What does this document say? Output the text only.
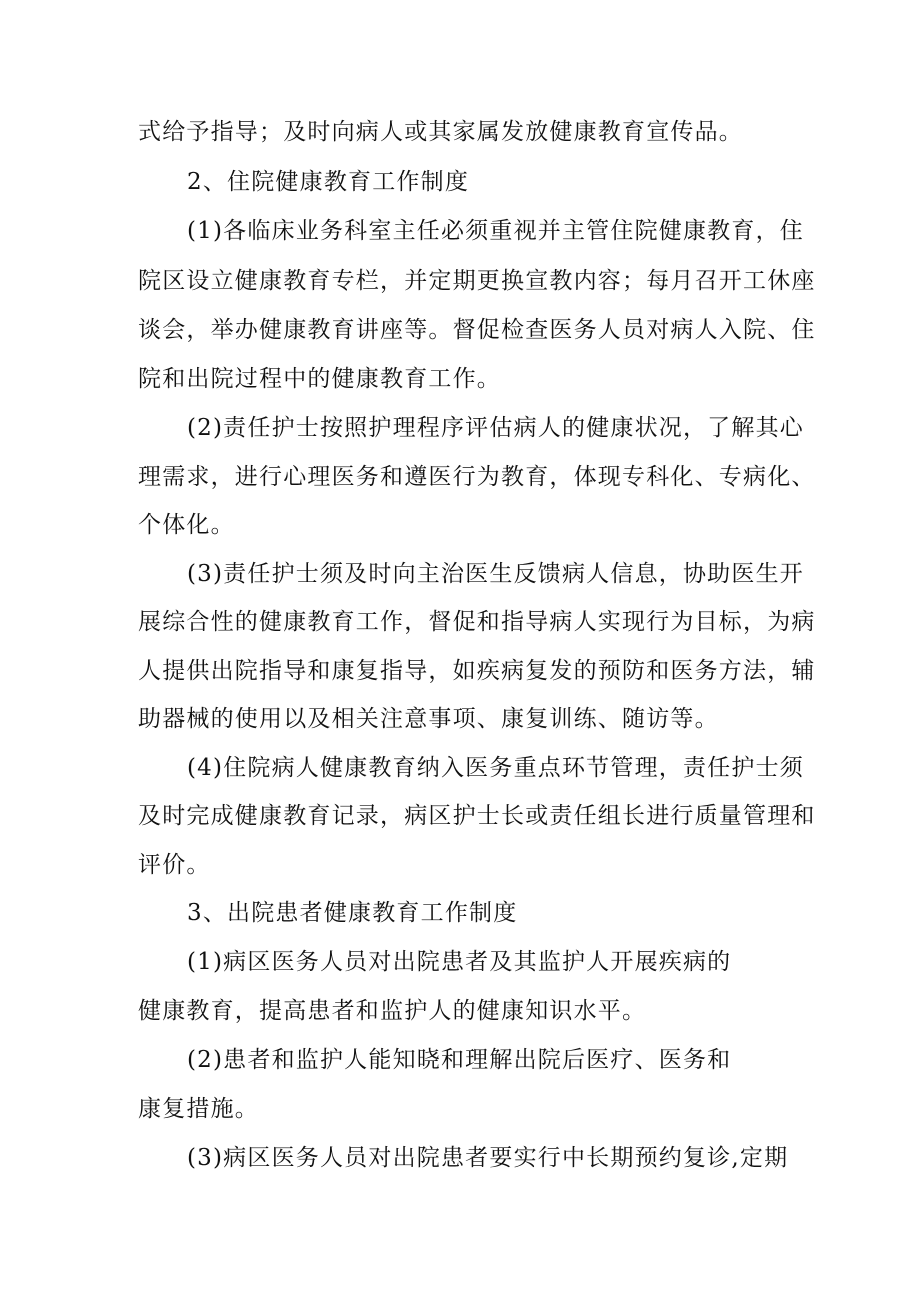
式给予指导；及时向病人或其家属发放健康教育宣传品。
2、住院健康教育工作制度
(1)各临床业务科室主任必须重视并主管住院健康教育，住
院区设立健康教育专栏，并定期更换宣教内容；每月召开工休座
谈会，举办健康教育讲座等。督促检查医务人员对病人入院、住
院和出院过程中的健康教育工作。
(2)责任护士按照护理程序评估病人的健康状况，了解其心
理需求，进行心理医务和遵医行为教育，体现专科化、专病化、
个体化。
(3)责任护士须及时向主治医生反馈病人信息，协助医生开
展综合性的健康教育工作，督促和指导病人实现行为目标，为病
人提供出院指导和康复指导，如疾病复发的预防和医务方法，辅
助器械的使用以及相关注意事项、康复训练、随访等。
(4)住院病人健康教育纳入医务重点环节管理，责任护士须
及时完成健康教育记录，病区护士长或责任组长进行质量管理和
评价。
3、出院患者健康教育工作制度
(1)病区医务人员对出院患者及其监护人开展疾病的
健康教育，提高患者和监护人的健康知识水平。
(2)患者和监护人能知晓和理解出院后医疗、医务和
康复措施。
(3)病区医务人员对出院患者要实行中长期预约复诊,定期
